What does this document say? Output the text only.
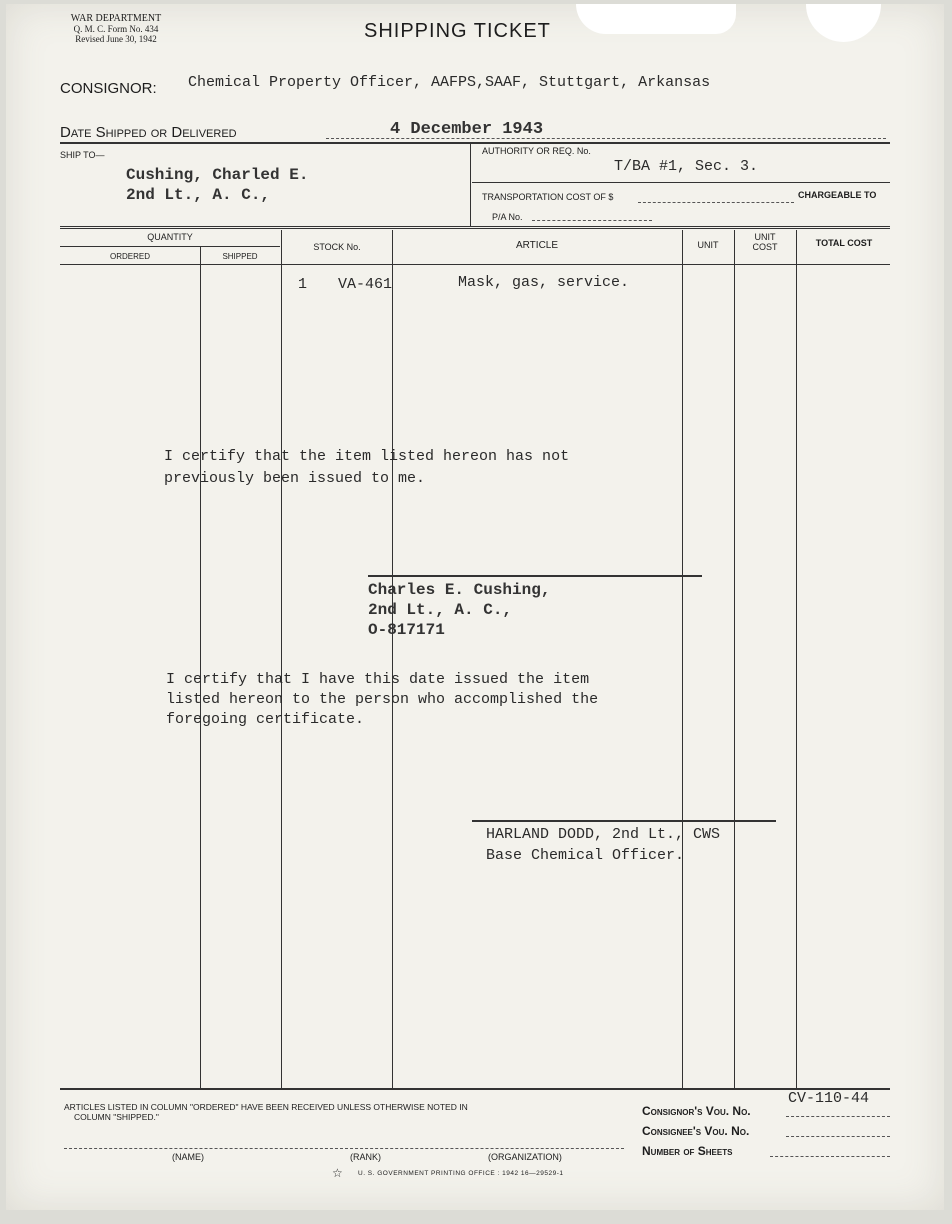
WAR DEPARTMENT
Q. M. C. Form No. 434
Revised June 30, 1942	SHIPPING TICKET
CONSIGNOR: Chemical Property Officer, AAFPS,SAAF, Stuttgart, Arkansas
Date Shipped or Delivered	4 December 1943
SHIP TO—
Cushing, Charled E.
2nd Lt., A. C.,
AUTHORITY OR REQ. No.
T/BA #1, Sec. 3.
TRANSPORTATION COST OF $	CHARGEABLE TO
P/A No.
QUANTITY
ORDERED	SHIPPED
STOCK No.	ARTICLE	UNIT
UNIT
COST	TOTAL COST
1 VA-461	Mask, gas, service.
I certify that the item listed hereon has not
previously been issued to me.
Charles E. Cushing,
2nd Lt., A. C.,
O-817171
I certify that I have this date issued the item
listed hereon to the person who accomplished the
foregoing certificate.
HARLAND DODD, 2nd Lt., CWS
Base Chemical Officer.
ARTICLES LISTED IN COLUMN "ORDERED" HAVE BEEN RECEIVED UNLESS OTHERWISE NOTED IN
COLUMN "SHIPPED."
(NAME)	(RANK)	(ORGANIZATION)
Consignor's Vou. No.
CV-110-44
Consignee's Vou. No.
Number of Sheets
☆ U. S. GOVERNMENT PRINTING OFFICE : 1942 16—29529-1
